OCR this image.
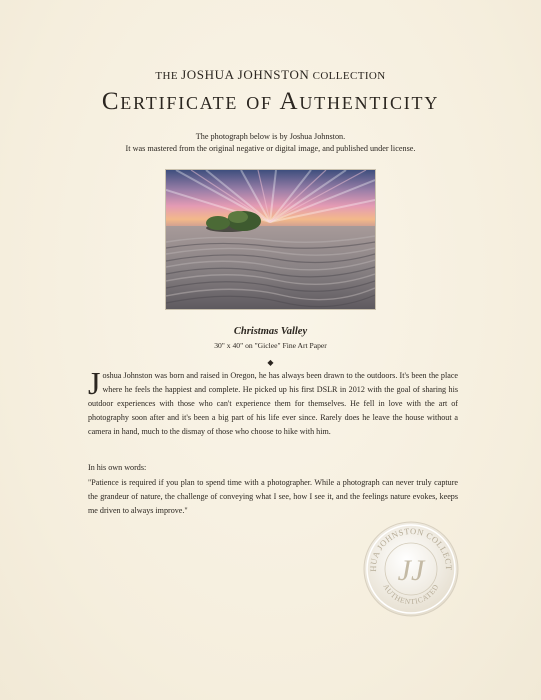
THE JOSHUA JOHNSTON COLLECTION
Certificate of Authenticity
The photograph below is by Joshua Johnston.
It was mastered from the original negative or digital image, and published under license.
Christmas Valley
30" x 40" on "Giclee" Fine Art Paper
◆
J oshua Johnston was born and raised in Oregon, he has always been drawn to the outdoors. It's been the place where he feels the happiest and complete. He picked up his first DSLR in 2012 with the goal of sharing his outdoor experiences with those who can't experience them for themselves. He fell in love with the art of photography soon after and it's been a big part of his life ever since. Rarely does he leave the house without a camera in hand, much to the dismay of those who choose to hike with him.
In his own words:
"Patience is required if you plan to spend time with a photographer. While a photograph can never truly capture the grandeur of nature, the challenge of conveying what I see, how I see it, and the feelings nature evokes, keeps me driven to always improve."
HUA JOHNSTON COLLECT
AUTHENTICATED
JJ
